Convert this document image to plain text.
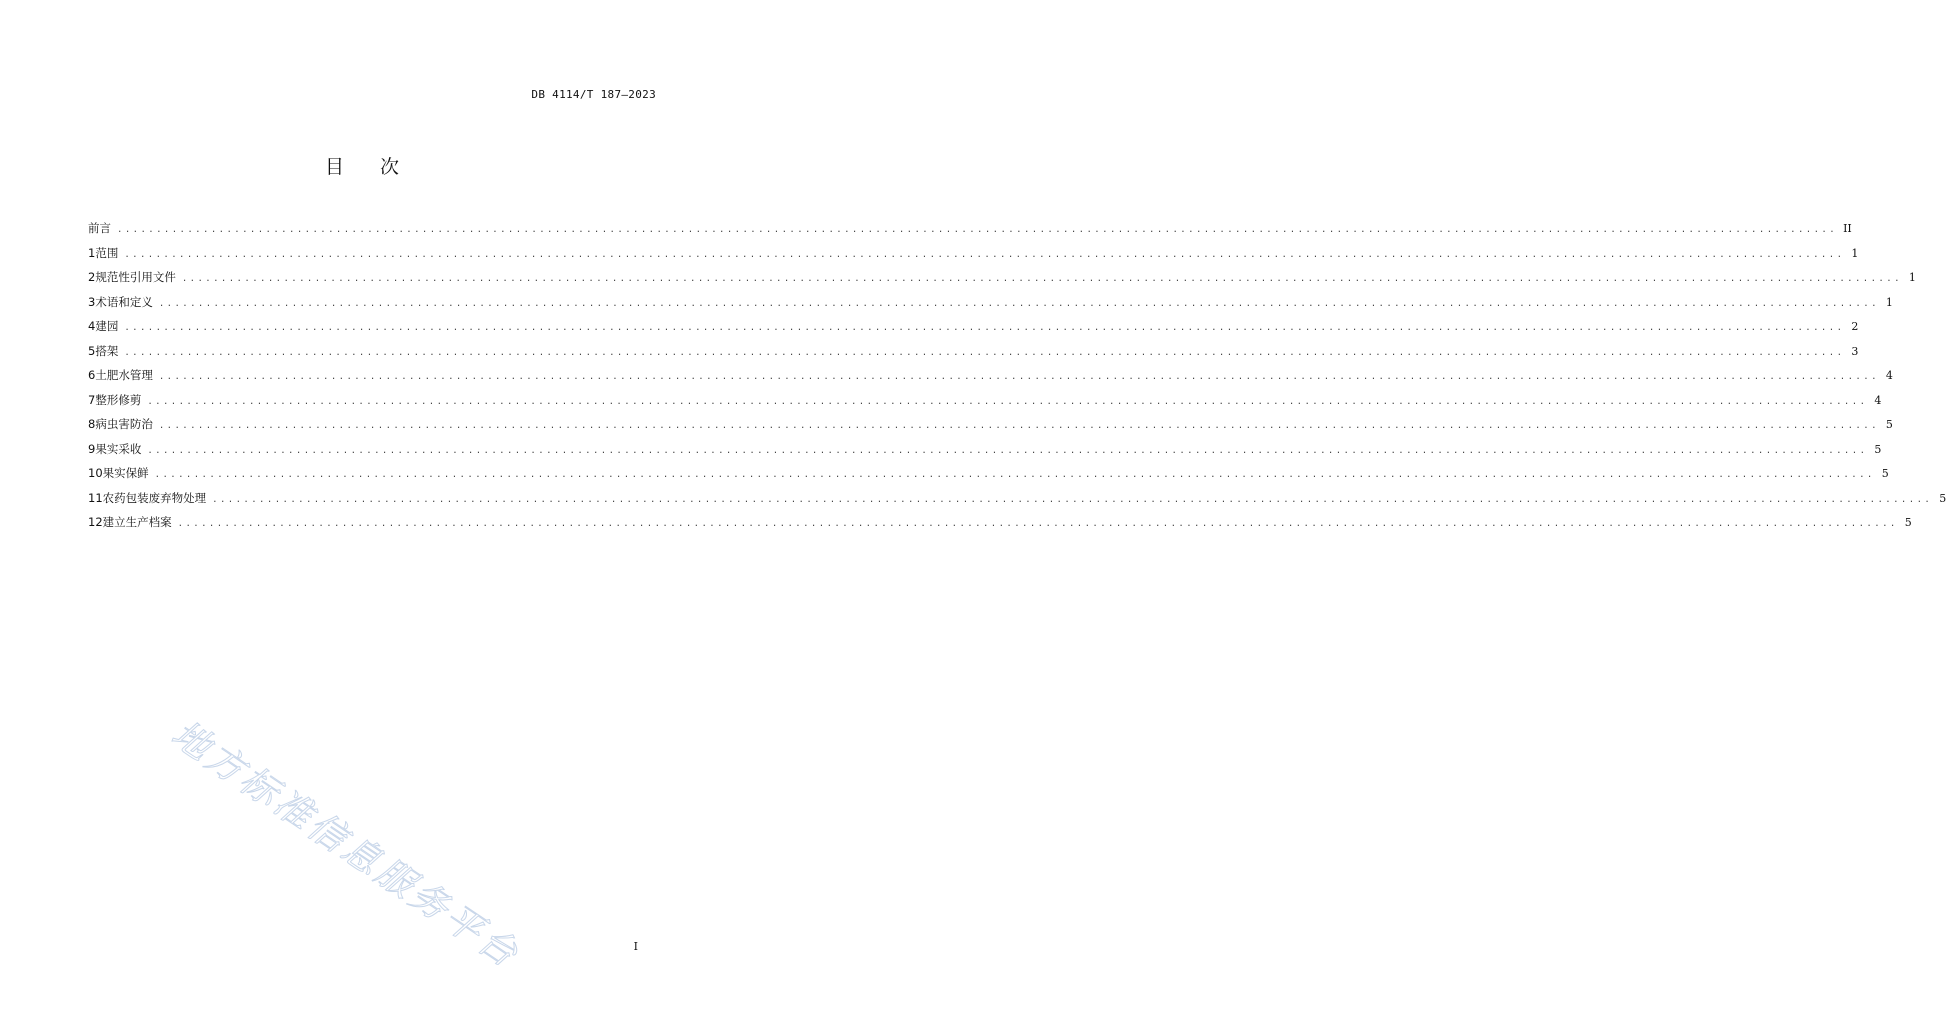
DB 4114/T 187—2023
目 次
前言 ............................................................................................................................................................................................................................ II
1 范围 ............................................................................................................................................................................................................................ 1
2 规范性引用文件 ............................................................................................................................................................................................................................ 1
3 术语和定义 ............................................................................................................................................................................................................................ 1
4 建园 ............................................................................................................................................................................................................................ 2
5 搭架 ............................................................................................................................................................................................................................ 3
6 土肥水管理 ............................................................................................................................................................................................................................ 4
7 整形修剪 ............................................................................................................................................................................................................................ 4
8 病虫害防治 ............................................................................................................................................................................................................................ 5
9 果实采收 ............................................................................................................................................................................................................................ 5
10 果实保鲜 ............................................................................................................................................................................................................................ 5
11 农药包装废弃物处理 ............................................................................................................................................................................................................................ 5
12 建立生产档案 ............................................................................................................................................................................................................................ 5
地方标准信息服务平台	I
